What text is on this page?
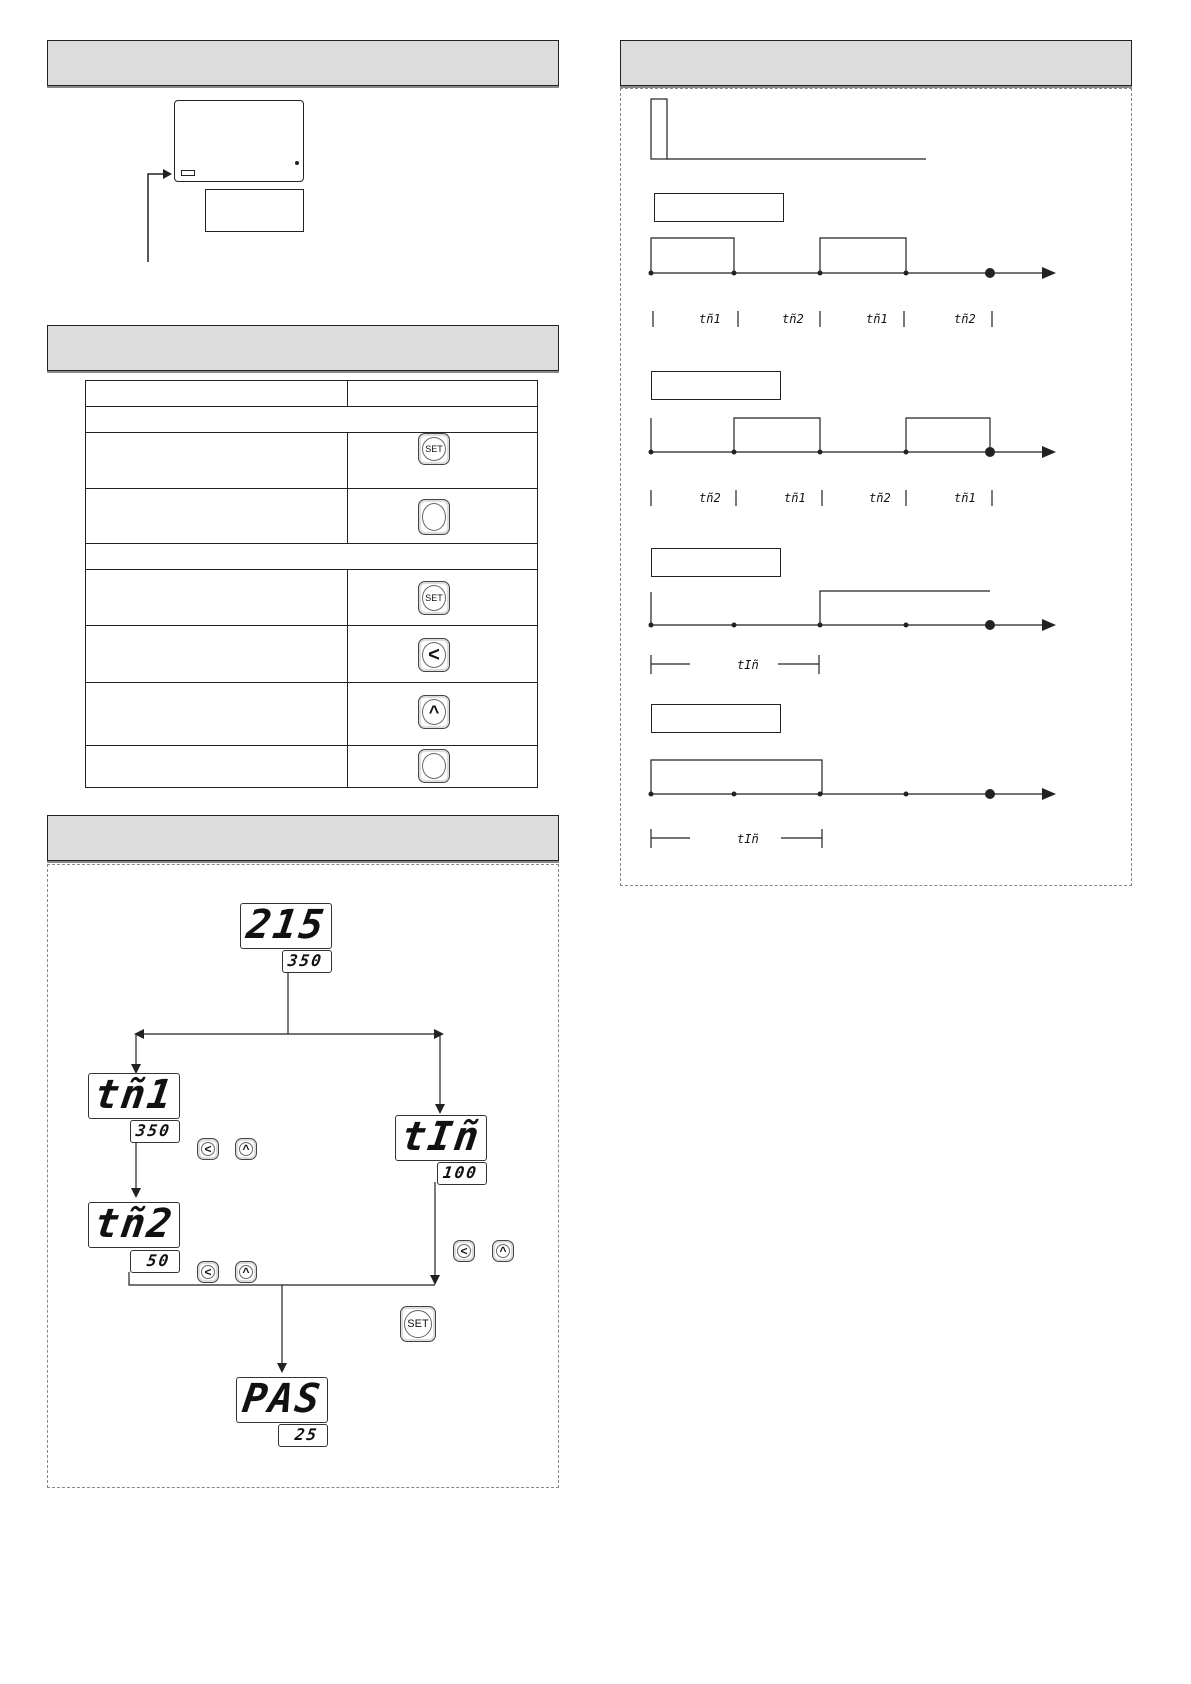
SET
SET
<
^
215
350
tñ1
350
<	^
tñ2
50
<	^
tIñ
100
<	^
SET
PAS
25
tñ1	tñ2	tñ1	tñ2
tñ2	tñ1	tñ2	tñ1
tIñ
tIñ
